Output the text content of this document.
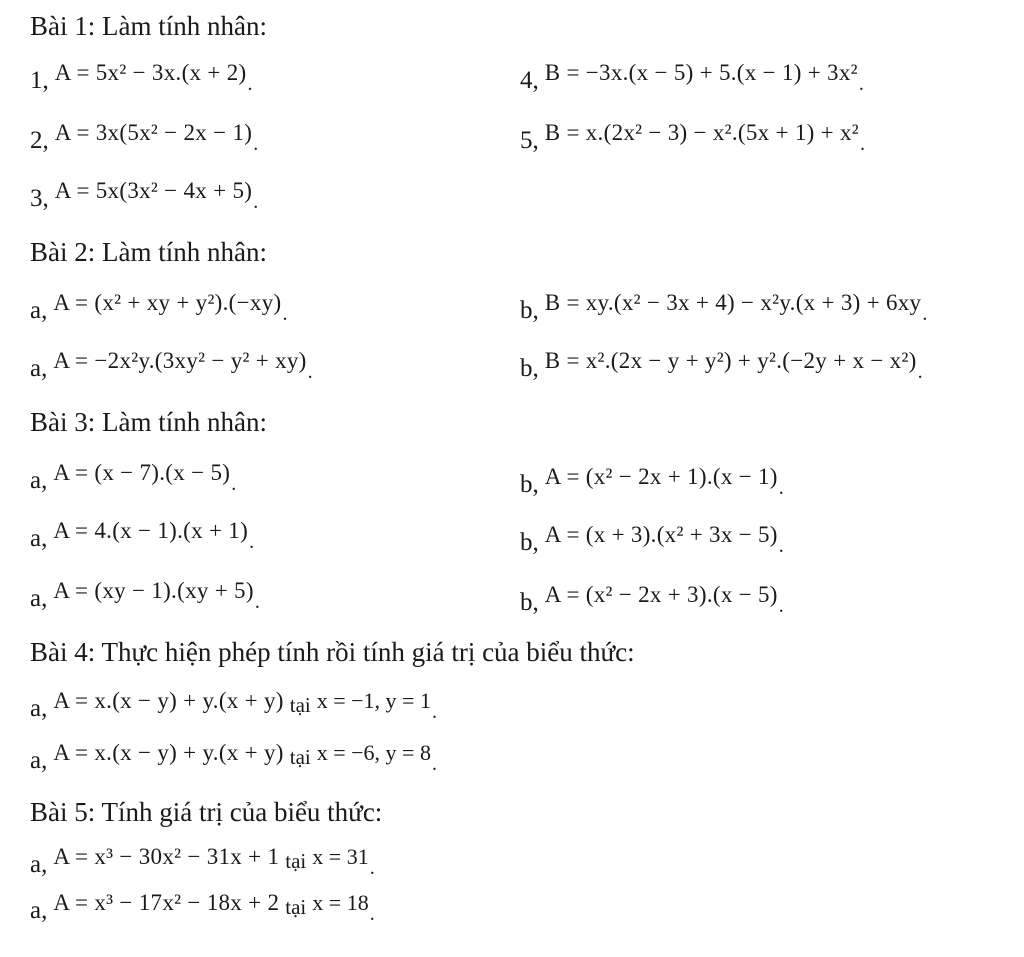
Bài 1: Làm tính nhân:
1, A = 5x² − 3x.(x + 2).	4, B = −3x.(x − 5) + 5.(x − 1) + 3x².
2, A = 3x(5x² − 2x − 1).	5, B = x.(2x² − 3) − x².(5x + 1) + x².
3, A = 5x(3x² − 4x + 5).
Bài 2: Làm tính nhân:
a, A = (x² + xy + y²).(−xy).	b, B = xy.(x² − 3x + 4) − x²y.(x + 3) + 6xy.
a, A = −2x²y.(3xy² − y² + xy).	b, B = x².(2x − y + y²) + y².(−2y + x − x²).
Bài 3: Làm tính nhân:
a, A = (x − 7).(x − 5).	b, A = (x² − 2x + 1).(x − 1).
a, A = 4.(x − 1).(x + 1).	b, A = (x + 3).(x² + 3x − 5).
a, A = (xy − 1).(xy + 5).	b, A = (x² − 2x + 3).(x − 5).
Bài 4: Thực hiện phép tính rồi tính giá trị của biểu thức:
a, A = x.(x − y) + y.(x + y) tại x = −1, y = 1.
a, A = x.(x − y) + y.(x + y) tại x = −6, y = 8.
Bài 5: Tính giá trị của biểu thức:
a, A = x³ − 30x² − 31x + 1 tại x = 31.
a, A = x³ − 17x² − 18x + 2 tại x = 18.
